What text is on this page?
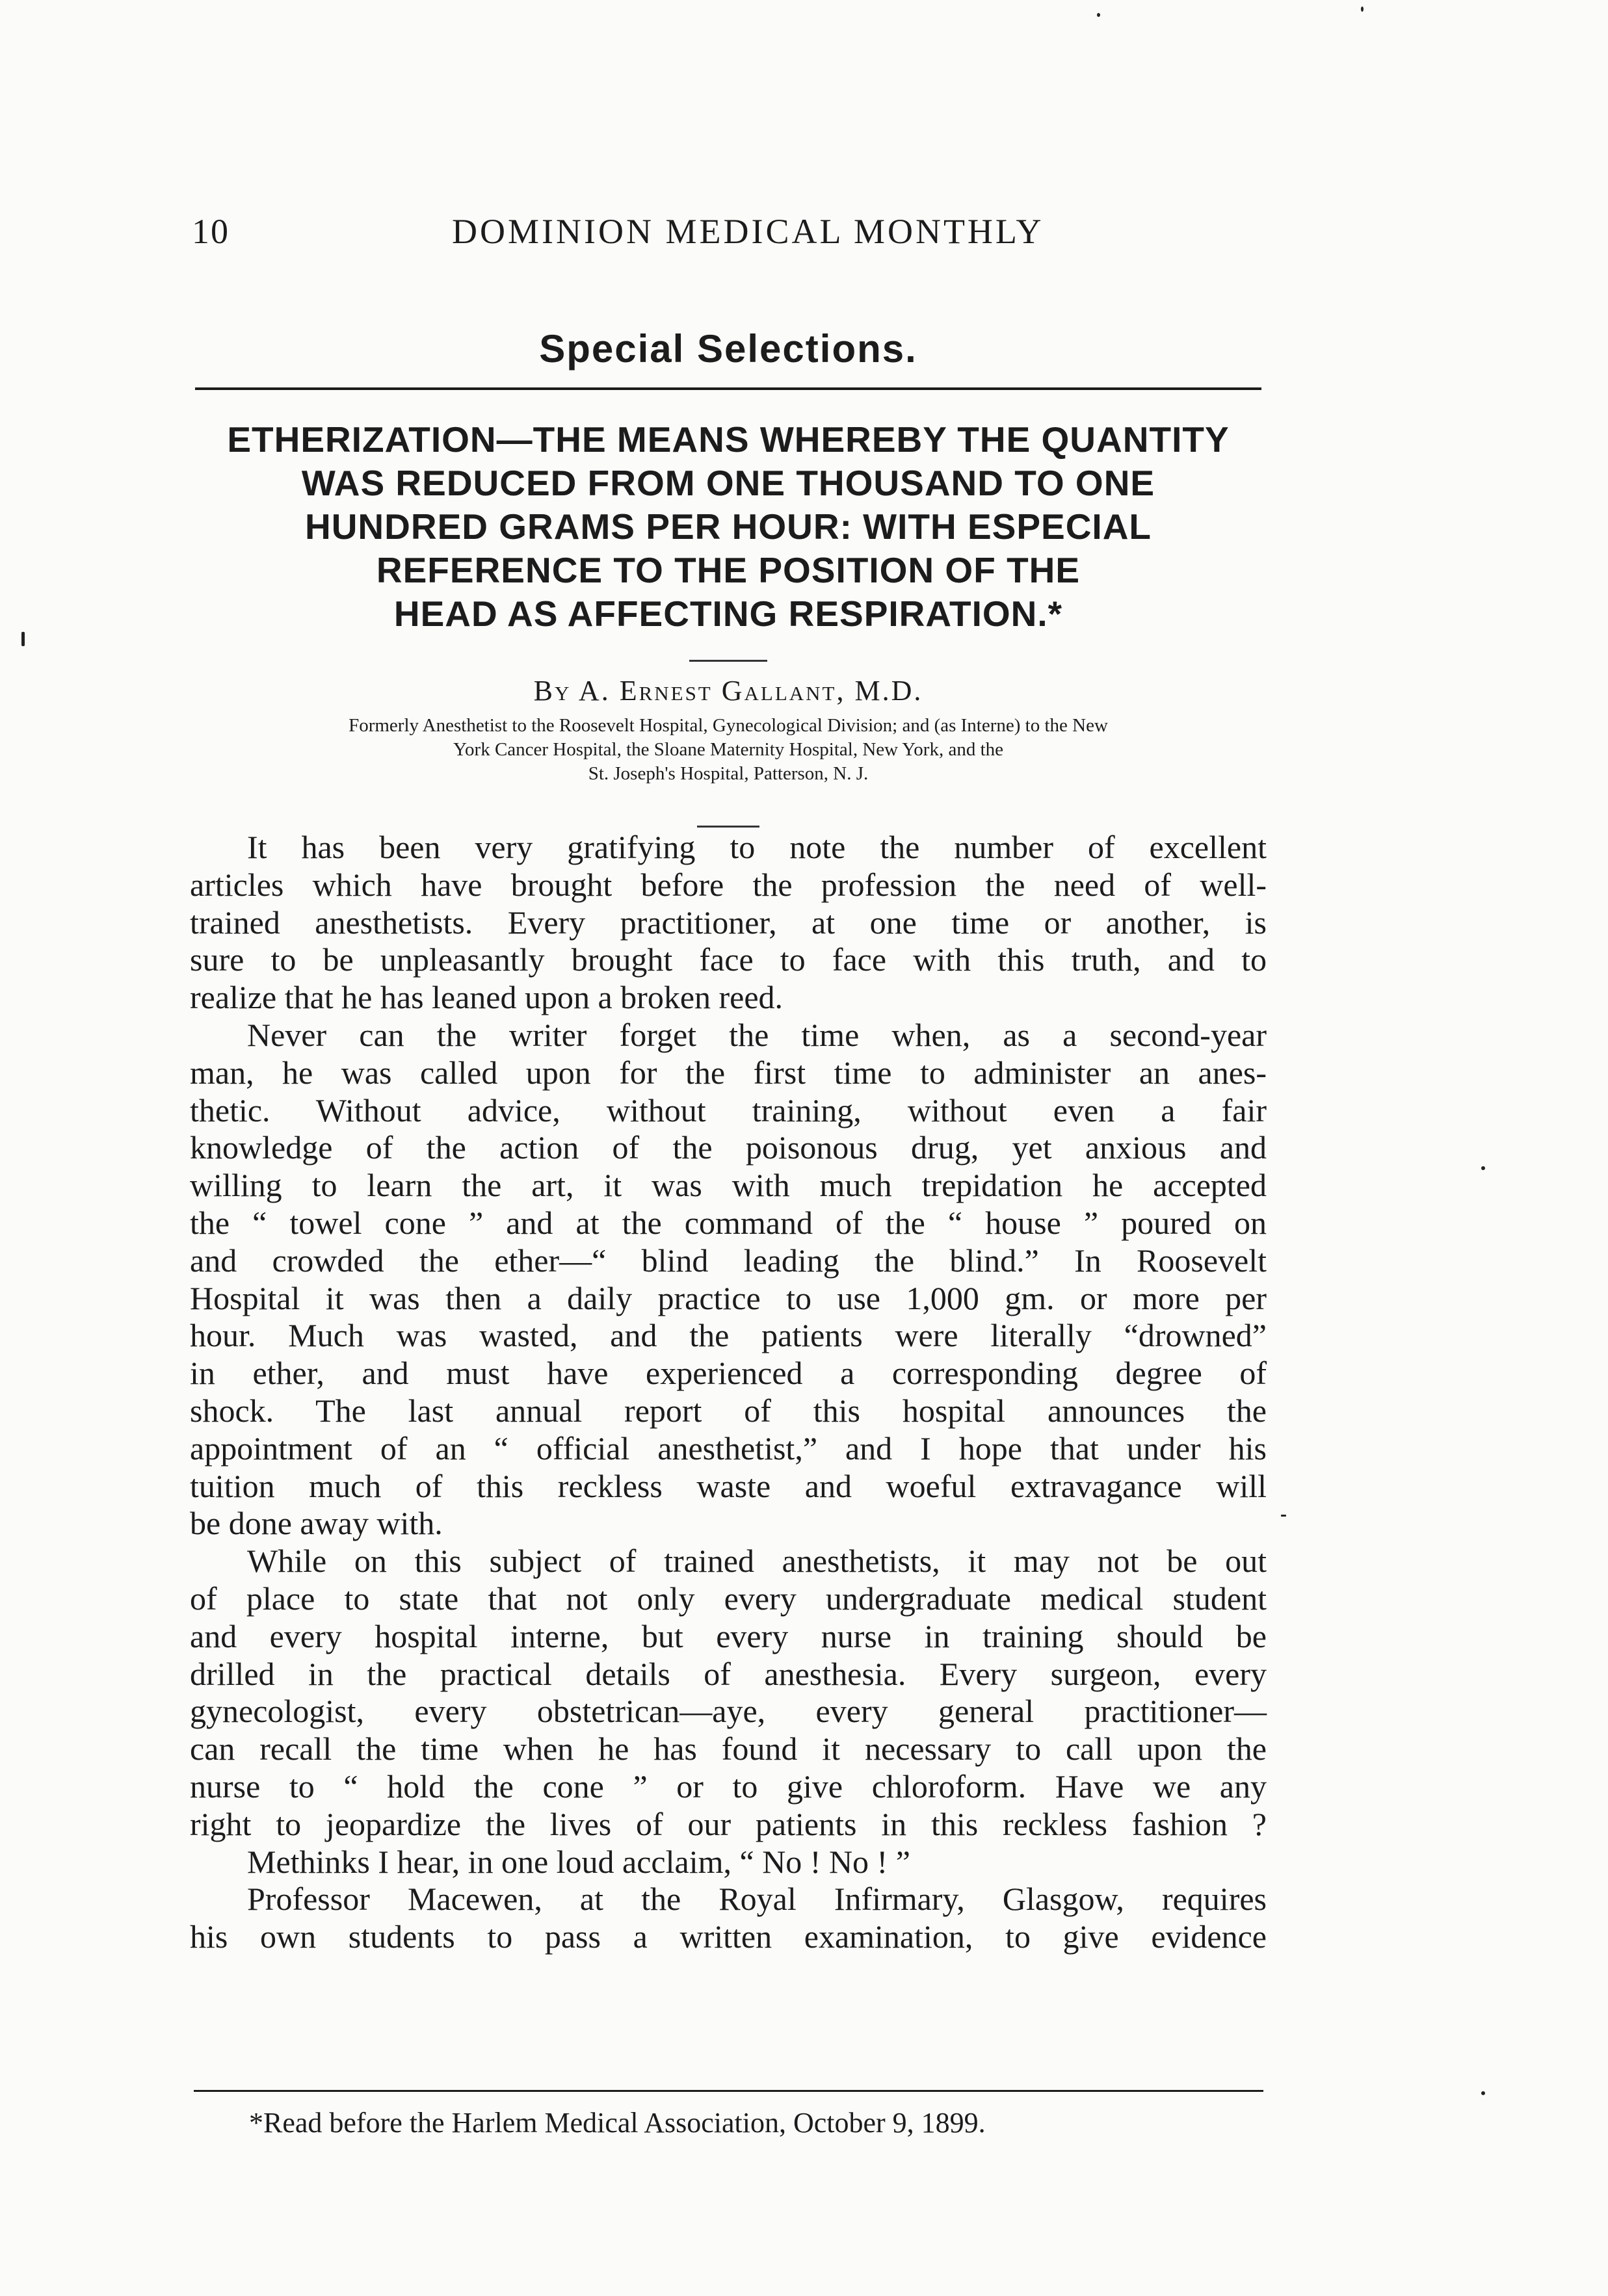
10	DOMINION MEDICAL MONTHLY
Special Selections.
ETHERIZATION—THE MEANS WHEREBY THE QUANTITY
WAS REDUCED FROM ONE THOUSAND TO ONE
HUNDRED GRAMS PER HOUR: WITH ESPECIAL
REFERENCE TO THE POSITION OF THE
HEAD AS AFFECTING RESPIRATION.*
By A. Ernest Gallant, M.D.
Formerly Anesthetist to the Roosevelt Hospital, Gynecological Division; and (as Interne) to the New
York Cancer Hospital, the Sloane Maternity Hospital, New York, and the
St. Joseph's Hospital, Patterson, N. J.
It has been very gratifying to note the number of excellent
articles which have brought before the profession the need of well-
trained anesthetists. Every practitioner, at one time or another, is
sure to be unpleasantly brought face to face with this truth, and to
realize that he has leaned upon a broken reed.
Never can the writer forget the time when, as a second-year
man, he was called upon for the first time to administer an anes-
thetic. Without advice, without training, without even a fair
knowledge of the action of the poisonous drug, yet anxious and
willing to learn the art, it was with much trepidation he accepted
the “ towel cone ” and at the command of the “ house ” poured on
and crowded the ether—“ blind leading the blind.” In Roosevelt
Hospital it was then a daily practice to use 1,000 gm. or more per
hour. Much was wasted, and the patients were literally “drowned”
in ether, and must have experienced a corresponding degree of
shock. The last annual report of this hospital announces the
appointment of an “ official anesthetist,” and I hope that under his
tuition much of this reckless waste and woeful extravagance will
be done away with.
While on this subject of trained anesthetists, it may not be out
of place to state that not only every undergraduate medical student
and every hospital interne, but every nurse in training should be
drilled in the practical details of anesthesia. Every surgeon, every
gynecologist, every obstetrican—aye, every general practitioner—
can recall the time when he has found it necessary to call upon the
nurse to “ hold the cone ” or to give chloroform. Have we any
right to jeopardize the lives of our patients in this reckless fashion ?
Methinks I hear, in one loud acclaim, “ No ! No ! ”
Professor Macewen, at the Royal Infirmary, Glasgow, requires
his own students to pass a written examination, to give evidence
*Read before the Harlem Medical Association, October 9, 1899.
